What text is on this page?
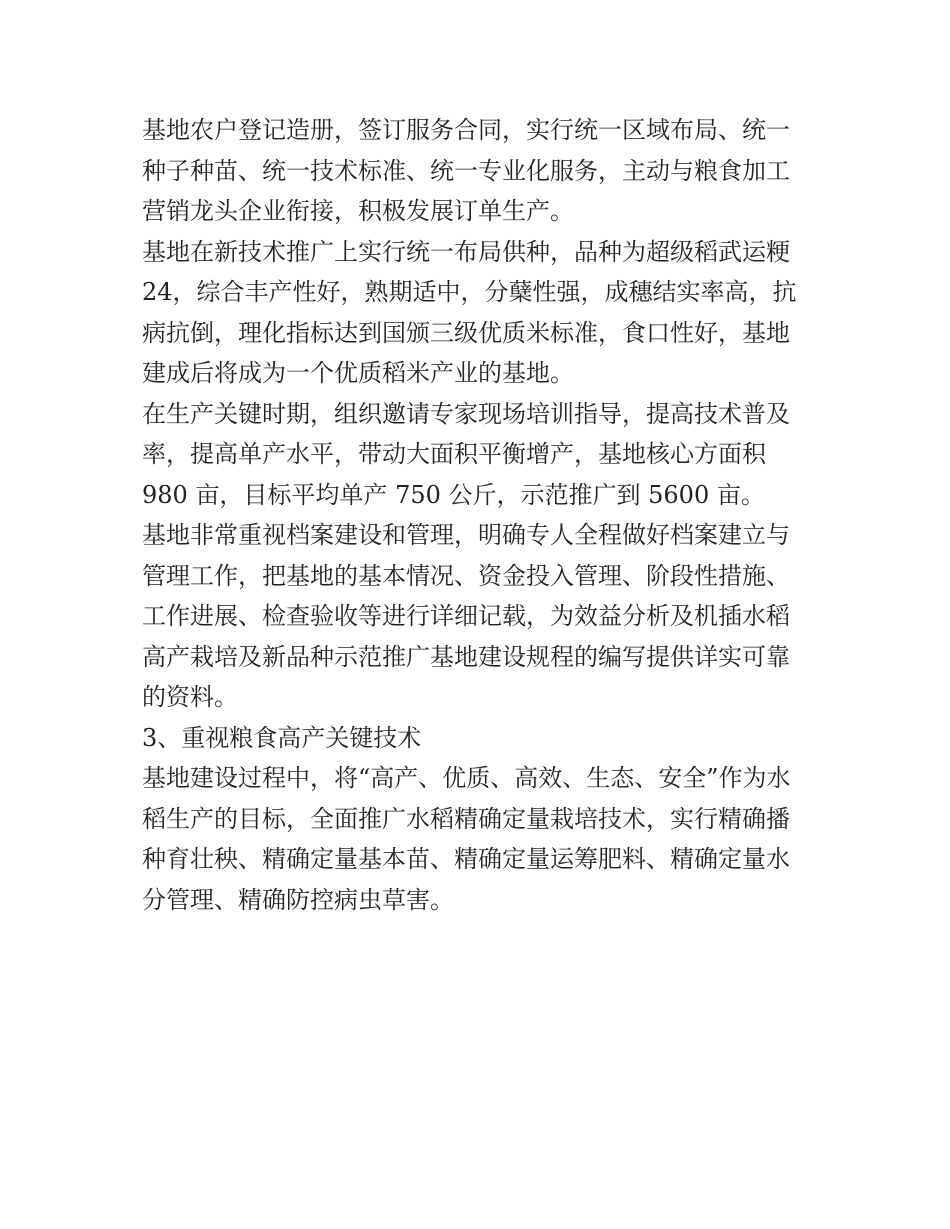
基地农户登记造册，签订服务合同，实行统一区域布局、统一
种子种苗、统一技术标准、统一专业化服务，主动与粮食加工
营销龙头企业衔接，积极发展订单生产。

基地在新技术推广上实行统一布局供种，品种为超级稻武运粳
24，综合丰产性好，熟期适中，分蘖性强，成穗结实率高，抗
病抗倒，理化指标达到国颁三级优质米标准，食口性好，基地
建成后将成为一个优质稻米产业的基地。

在生产关键时期，组织邀请专家现场培训指导，提高技术普及
率，提高单产水平，带动大面积平衡增产，基地核心方面积
980 亩，目标平均单产 750 公斤，示范推广到 5600 亩。

基地非常重视档案建设和管理，明确专人全程做好档案建立与
管理工作，把基地的基本情况、资金投入管理、阶段性措施、
工作进展、检查验收等进行详细记载，为效益分析及机插水稻
高产栽培及新品种示范推广基地建设规程的编写提供详实可靠
的资料。

3、重视粮食高产关键技术

基地建设过程中，将“高产、优质、高效、生态、安全”作为水
稻生产的目标，全面推广水稻精确定量栽培技术，实行精确播
种育壮秧、精确定量基本苗、精确定量运筹肥料、精确定量水
分管理、精确防控病虫草害。
